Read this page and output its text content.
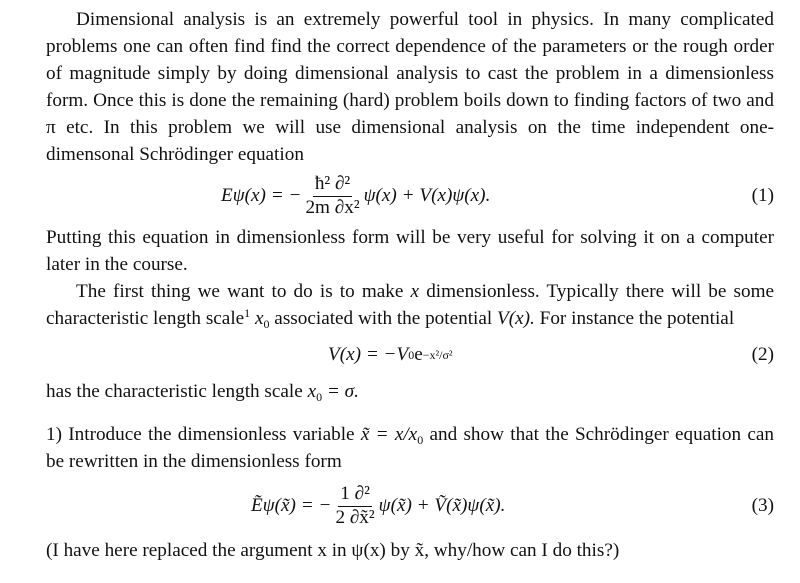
Dimensional analysis is an extremely powerful tool in physics. In many complicated problems one can often find find the correct dependence of the parameters or the rough order of magnitude simply by doing dimensional analysis to cast the problem in a dimensionless form. Once this is done the remaining (hard) problem boils down to finding factors of two and π etc. In this problem we will use dimensional analysis on the time independent one-dimensonal Schrödinger equation

Eψ(x) = − $\frac{\text{ħ² ∂²}}{\text{2m ∂x²}} \psi(x) + V(x)\psi(x)$.	(1)

Putting this equation in dimensionless form will be very useful for solving it on a computer later in the course.

The first thing we want to do is to make x dimensionless. Typically there will be some characteristic length scale$^1$ $x_0$ associated with the potential V(x). For instance the potential

V(x) = −V 0 e −x²/σ²	(2)

has the characteristic length scale $x_0 = \sigma$.

1) Introduce the dimensionless variable x̃ = $x/x_0$ and show that the Schrödinger equation can be rewritten in the dimensionless form

Ẽψ(x̃) = − $\frac{\text{1 ∂²}}{\text{2 ∂x̃²}}$ ψ(x̃) + Ṽ(x̃)ψ(x̃).	(3)

(I have here replaced the argument x in ψ(x) by x̃, why/how can I do this?)
